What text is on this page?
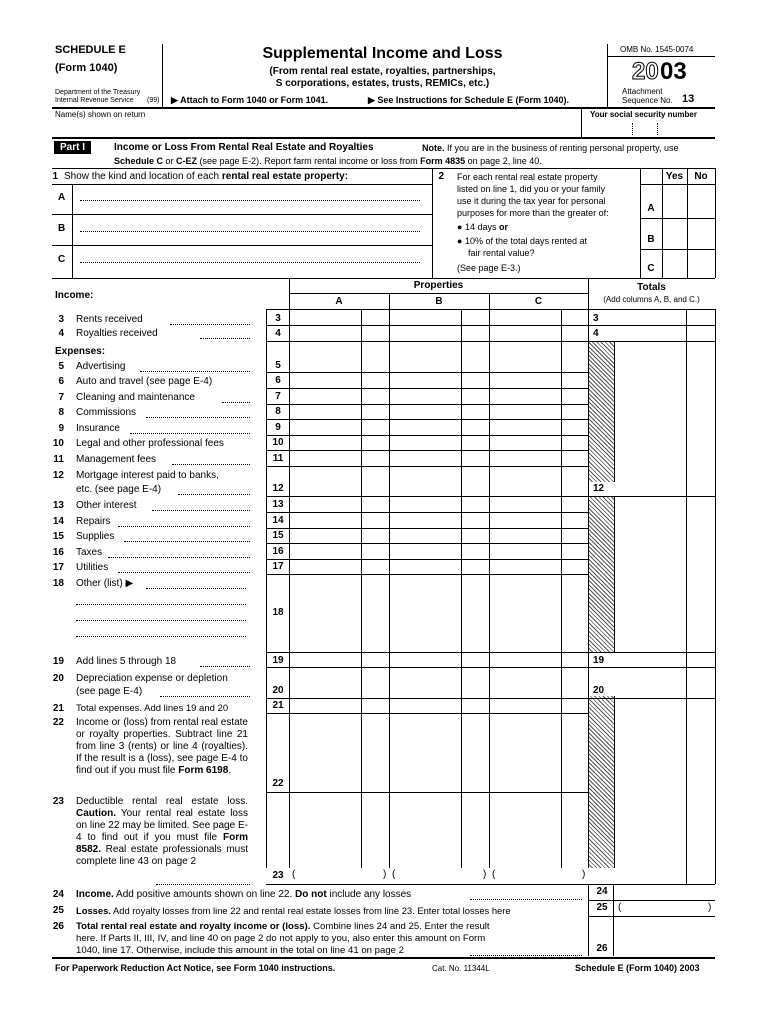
SCHEDULE E
(Form 1040)
Department of the Treasury
Internal Revenue Service (99)
Supplemental Income and Loss
(From rental real estate, royalties, partnerships,
S corporations, estates, trusts, REMICs, etc.)
▶ Attach to Form 1040 or Form 1041.	▶ See Instructions for Schedule E (Form 1040).
OMB No. 1545-0074
20 03
Attachment
Sequence No. 13
Name(s) shown on return	Your social security number
Part I	Income or Loss From Rental Real Estate and Royalties	Note. If you are in the business of renting personal property, use
Schedule C or C-EZ (see page E-2). Report farm rental income or loss from Form 4835 on page 2, line 40.
1 Show the kind and location of each rental real estate property:
A
B
C
2 For each rental real estate property
listed on line 1, did you or your family
use it during the tax year for personal
purposes for more than the greater of:
● 14 days or
● 10% of the total days rented at
fair rental value?
(See page E-3.)
Yes	No
A
B
C
Income:
Properties
A	B	C
Totals
(Add columns A, B, and C.)
3 Rents received	3	3
4 Royalties received	4	4
Expenses:
5 Advertising	5
6 Auto and travel (see page E-4)	6
7 Cleaning and maintenance	7
8 Commissions	8
9 Insurance	9
10 Legal and other professional fees	10
11 Management fees	11
12 Mortgage interest paid to banks,
etc. (see page E-4)	12	12
13 Other interest	13
14 Repairs	14
15 Supplies	15
16 Taxes	16
17 Utilities	17
18 Other (list) ▶
18
19 Add lines 5 through 18	19	19
20 Depreciation expense or depletion
(see page E-4)	20	20
21 Total expenses. Add lines 19 and 20	21
22 Income or (loss) from rental real estate or royalty properties. Subtract line 21 from line 3 (rents) or line 4 (royalties). If the result is a (loss), see page E-4 to find out if you must file Form 6198.
22
23 Deductible rental real estate loss. Caution. Your rental real estate loss on line 22 may be limited. See page E-4 to find out if you must file Form 8582. Real estate professionals must complete line 43 on page 2
23 (	) (	) (	)
24 Income. Add positive amounts shown on line 22. Do not include any losses	24
25 Losses. Add royalty losses from line 22 and rental real estate losses from line 23. Enter total losses here	25	(	)
26 Total rental real estate and royalty income or (loss). Combine lines 24 and 25. Enter the result
here. If Parts II, III, IV, and line 40 on page 2 do not apply to you, also enter this amount on Form
1040, line 17. Otherwise, include this amount in the total on line 41 on page 2	26
For Paperwork Reduction Act Notice, see Form 1040 instructions.	Cat. No. 11344L	Schedule E (Form 1040) 2003
